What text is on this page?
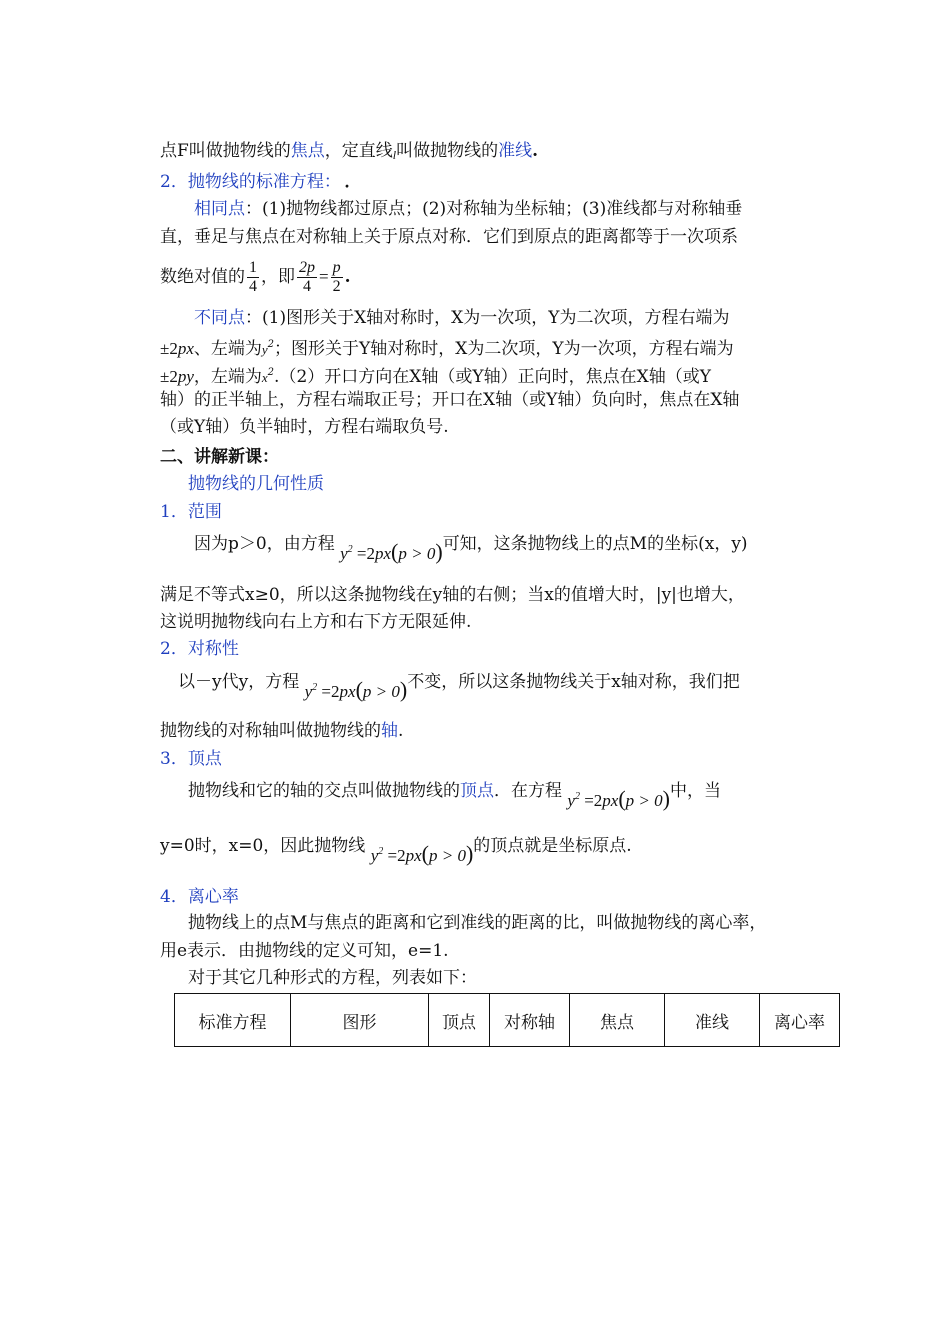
点F叫做抛物线的焦点，定直线l叫做抛物线的准线.
2．抛物线的标准方程： ．
相同点：(1)抛物线都过原点；(2)对称轴为坐标轴；(3)准线都与对称轴垂
直，垂足与焦点在对称轴上关于原点对称．它们到原点的距离都等于一次项系
数绝对值的 $\frac{1}{4}$ ，即 $\frac{2p}{4} = \frac{p}{2}$ .
不同点：(1)图形关于X轴对称时，X为一次项，Y为二次项，方程右端为
±2px、左端为$y^2$；图形关于Y轴对称时，X为二次项，Y为一次项，方程右端为
±2py，左端为$x^2.(2)$开口方向在X轴（或Y轴）正向时，焦点在X轴（或Y
轴）的正半轴上，方程右端取正号；开口在X轴（或Y轴）负向时，焦点在X轴
（或Y轴）负半轴时，方程右端取负号.
二、讲解新课：
抛物线的几何性质
1．范围
因为p＞0，由方程 $y^2 =2px(p > 0)$可知，这条抛物线上的点M的坐标(x，y)
满足不等式x≥0，所以这条抛物线在y轴的右侧；当x的值增大时，|y|也增大，
这说明抛物线向右上方和右下方无限延伸.
2．对称性
以－y代y，方程 $y^2 =2px(p > 0)$不变，所以这条抛物线关于x轴对称，我们把
抛物线的对称轴叫做抛物线的轴.
3．顶点
抛物线和它的轴的交点叫做抛物线的顶点．在方程 $y^2 =2px(p > 0)$中，当
y=0时，x=0，因此抛物线 $y^2 =2px(p > 0)$的顶点就是坐标原点.
4．离心率
抛物线上的点M与焦点的距离和它到准线的距离的比，叫做抛物线的离心率，
用e表示．由抛物线的定义可知，e=1.
对于其它几种形式的方程，列表如下：
标准方程	图形	顶点	对称轴	焦点	准线	离心率
